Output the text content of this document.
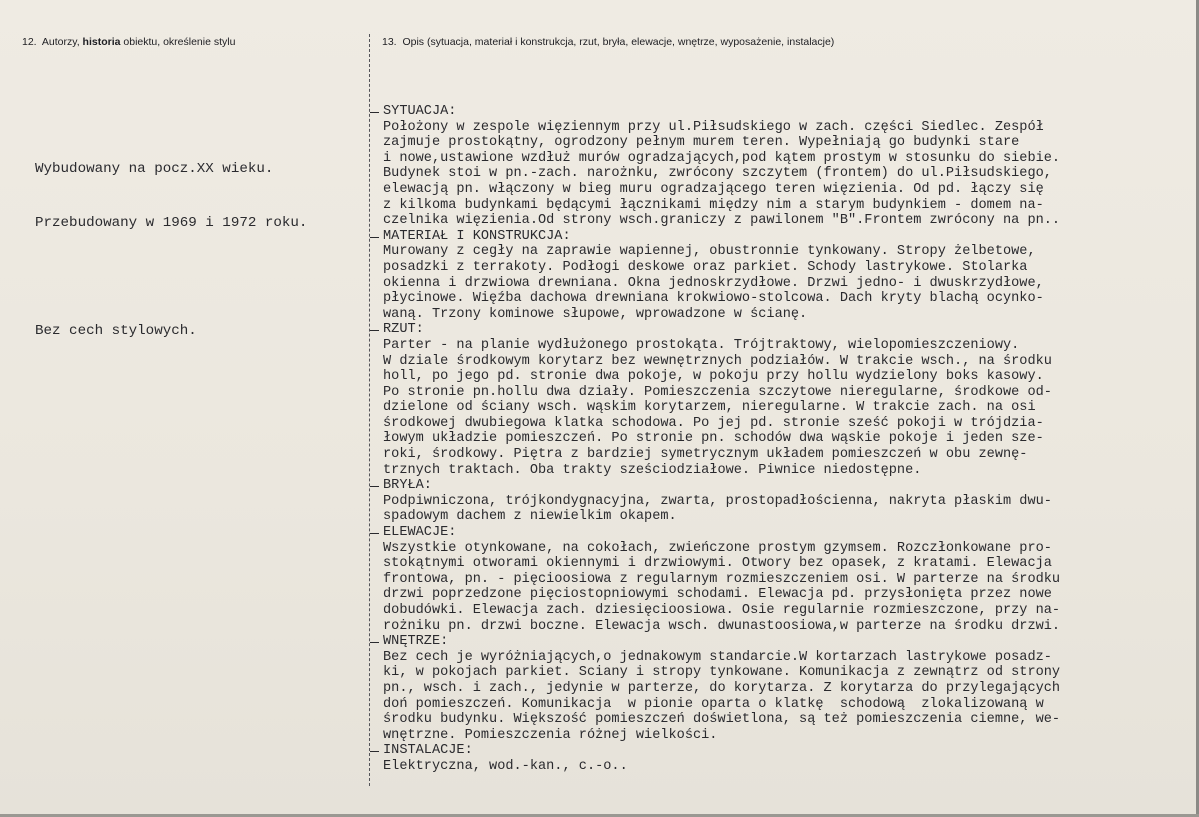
12. Autorzy, historia obiektu, określenie stylu	13. Opis (sytuacja, materiał i konstrukcja, rzut, bryła, elewacje, wnętrze, wyposażenie, instalacje)

Wybudowany na pocz.XX wieku.

Przebudowany w 1969 i 1972 roku.

Bez cech stylowych.

SYTUACJA:
Położony w zespole więziennym przy ul.Piłsudskiego w zach. części Siedlec. Zespół
zajmuje prostokątny, ogrodzony pełnym murem teren. Wypełniają go budynki stare
i nowe,ustawione wzdłuż murów ogradzających,pod kątem prostym w stosunku do siebie.
Budynek stoi w pn.-zach. narożnku, zwrócony szczytem (frontem) do ul.Piłsudskiego,
elewacją pn. włączony w bieg muru ogradzającego teren więzienia. Od pd. łączy się
z kilkoma budynkami będącymi łącznikami między nim a starym budynkiem - domem na-
czelnika więzienia.Od strony wsch.graniczy z pawilonem "B".Frontem zwrócony na pn..
MATERIAŁ I KONSTRUKCJA:
Murowany z cegły na zaprawie wapiennej, obustronnie tynkowany. Stropy żelbetowe,
posadzki z terrakoty. Podłogi deskowe oraz parkiet. Schody lastrykowe. Stolarka
okienna i drzwiowa drewniana. Okna jednoskrzydłowe. Drzwi jedno- i dwuskrzydłowe,
płycinowe. Więźba dachowa drewniana krokwiowo-stolcowa. Dach kryty blachą ocynko-
waną. Trzony kominowe słupowe, wprowadzone w ścianę.
RZUT:
Parter - na planie wydłużonego prostokąta. Trójtraktowy, wielopomieszczeniowy.
W dziale środkowym korytarz bez wewnętrznych podziałów. W trakcie wsch., na środku
holl, po jego pd. stronie dwa pokoje, w pokoju przy hollu wydzielony boks kasowy.
Po stronie pn.hollu dwa działy. Pomieszczenia szczytowe nieregularne, środkowe od-
dzielone od ściany wsch. wąskim korytarzem, nieregularne. W trakcie zach. na osi
środkowej dwubiegowa klatka schodowa. Po jej pd. stronie sześć pokoji w trójdzia-
łowym układzie pomieszczeń. Po stronie pn. schodów dwa wąskie pokoje i jeden sze-
roki, środkowy. Piętra z bardziej symetrycznym układem pomieszczeń w obu zewnę-
trznych traktach. Oba trakty sześciodziałowe. Piwnice niedostępne.
BRYŁA:
Podpiwniczona, trójkondygnacyjna, zwarta, prostopadłościenna, nakryta płaskim dwu-
spadowym dachem z niewielkim okapem.
ELEWACJE:
Wszystkie otynkowane, na cokołach, zwieńczone prostym gzymsem. Rozczłonkowane pro-
stokątnymi otworami okiennymi i drzwiowymi. Otwory bez opasek, z kratami. Elewacja
frontowa, pn. - pięcioosiowa z regularnym rozmieszczeniem osi. W parterze na środku
drzwi poprzedzone pięciostopniowymi schodami. Elewacja pd. przysłonięta przez nowe
dobudówki. Elewacja zach. dziesięcioosiowa. Osie regularnie rozmieszczone, przy na-
rożniku pn. drzwi boczne. Elewacja wsch. dwunastoosiowa,w parterze na środku drzwi.
WNĘTRZE:
Bez cech je wyróżniających,o jednakowym standarcie.W kortarzach lastrykowe posadz-
ki, w pokojach parkiet. Sciany i stropy tynkowane. Komunikacja z zewnątrz od strony
pn., wsch. i zach., jedynie w parterze, do korytarza. Z korytarza do przylegających
doń pomieszczeń. Komunikacja  w pionie oparta o klatkę  schodową  zlokalizowaną w
środku budynku. Większość pomieszczeń doświetlona, są też pomieszczenia ciemne, we-
wnętrzne. Pomieszczenia różnej wielkości.
INSTALACJE:
Elektryczna, wod.-kan., c.-o..
